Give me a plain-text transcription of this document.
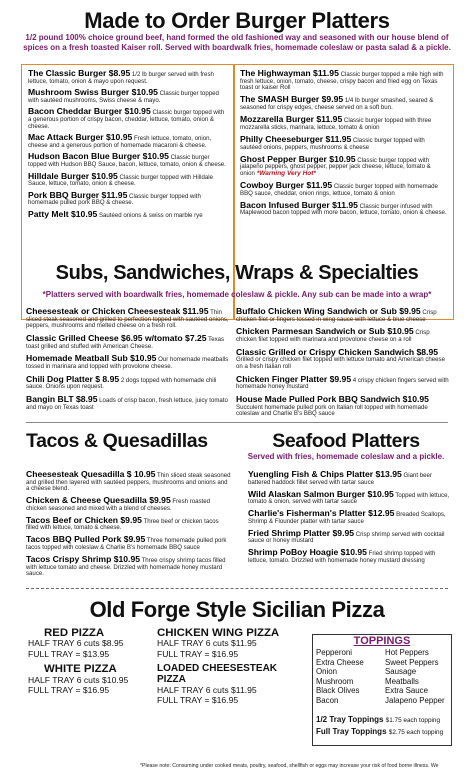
Made to Order Burger Platters
1/2 pound 100% choice ground beef, hand formed the old fashioned way and seasoned with our house blend of spices on a fresh toasted Kaiser roll. Served with boardwalk fries, homemade coleslaw or pasta salad & a pickle.
The Classic Burger $8.95 1/2 lb burger served with fresh lettuce, tomato, onion & mayo upon request.
Mushroom Swiss Burger $10.95 Classic burger topped with sautéed mushrooms, Swiss cheese & mayo.
Bacon Cheddar Burger $10.95 Classic burger topped with a generous portion of crispy bacon, cheddar, lettuce, tomato, onion & cheese.
Mac Attack Burger $10.95 Fresh lettuce, tomato, onion, cheese and a generous portion of homemade macaroni & cheese.
Hudson Bacon Blue Burger $10.95 Classic burger topped with Hudson BBQ Sauce, bacon, lettuce, tomato, onion & cheese.
Hilldale Burger $10.95 Classic burger topped with Hilldale Sauce, lettuce, tomato, onion & cheese.
Pork BBQ Burger $11.95 Classic burger topped with homemade pulled pork BBQ & cheese.
Patty Melt $10.95 Sautéed onions & swiss on marble rye
The Highwayman $11.95 Classic burger topped a mile high with fresh lettuce, onion, tomato, cheese, crispy bacon and fried egg on Texas toast or kaiser Roll
The SMASH Burger $9.95 1/4 lb burger smashed, seared & seasoned for crispy edges, cheese served on a soft bun.
Mozzarella Burger $11.95 Classic burger topped with three mozzarella sticks, marinara, lettuce, tomato & onion
Philly Cheeseburger $11.95 Classic burger topped with sautéed onions, peppers, mushrooms & cheese
Ghost Pepper Burger $10.95 Classic burger topped with jalapeño peppers, ghost pepper, pepper jack cheese, lettuce, tomato & onion *Warning Very Hot*
Cowboy Burger $11.95 Classic burger topped with homemade BBQ sauce, cheddar, onion rings, lettuce, tomato & onion
Bacon Infused Burger $11.95 Classic burger infused with Maplewood bacon topped with more bacon, lettuce, tomato, onion & cheese.
Subs, Sandwiches, Wraps & Specialties
*Platters served with boardwalk fries, homemade coleslaw & pickle. Any sub can be made into a wrap*
Cheesesteak or Chicken Cheesesteak $11.95 Thin sliced steak seasoned and grilled to perfection topped with sautéed onions, peppers, mushrooms and melted cheese on a fresh roll.
Classic Grilled Cheese $6.95 w/tomato $7.25 Texas toast grilled and stuffed with American Cheese.
Homemade Meatball Sub $10.95 Our homemade meatballs tossed in marinara and topped with provolone cheese.
Chili Dog Platter $ 8.95 2 dogs topped with homemade chili sauce. Onions upon request.
Bangin BLT $8.95 Loads of crisp bacon, fresh lettuce, juicy tomato and mayo on Texas toast
Buffalo Chicken Wing Sandwich or Sub $9.95 Crisp chicken filet or fingers tossed in wing sauce with lettuce & blue cheese
Chicken Parmesan Sandwich or Sub $10.95 Crisp chicken filet topped with marinara and provolone cheese on a roll
Classic Grilled or Crispy Chicken Sandwich $8.95 Grilled or crispy chicken filet topped with lettuce tomato and American cheese on a fresh Italian roll
Chicken Finger Platter $9.95 4 crispy chicken fingers served with homemade honey mustard
House Made Pulled Pork BBQ Sandwich $10.95 Succulent homemade pulled pork on Italian roll topped with homemade coleslaw and Charlie B's BBQ sauce
Tacos & Quesadillas
Cheesesteak Quesadilla $ 10.95 Thin sliced steak seasoned and grilled then layered with sautéed peppers, mushrooms and onions and a cheese blend.
Chicken & Cheese Quesadilla $9.95 Fresh roasted chicken seasoned and mixed with a blend of cheeses.
Tacos Beef or Chicken $9.95 Three beef or chicken tacos filled with lettuce, tomato & cheese.
Tacos BBQ Pulled Pork $9.95 Three homemade pulled pork tacos topped with coleslaw & Charlie B's homemade BBQ sauce
Tacos Crispy Shrimp $10.95 Three crispy shrimp tacos filled with lettuce tomato and cheese. Drizzled with homemade honey mustard sauce.
Seafood Platters
Served with fries, homemade coleslaw and a pickle.
Yuengling Fish & Chips Platter $13.95 Giant beer battered haddock fillet served with tartar sauce
Wild Alaskan Salmon Burger $10.95 Topped with lettuce, tomato & onion, served with tartar sauce
Charlie's Fisherman's Platter $12.95 Breaded Scallops, Shrimp & Flounder platter with tartar sauce
Fried Shrimp Platter $9.95 Crisp shrimp served with cocktail sauce or honey mustard
Shrimp PoBoy Hoagie $10.95 Fried shrimp topped with lettuce, tomato. Drizzled with homemade honey mustard dressing
Old Forge Style Sicilian Pizza
RED PIZZA
HALF TRAY 6 cuts $8.95
FULL TRAY = $13.95
WHITE PIZZA
HALF TRAY 6 cuts $10.95
FULL TRAY = $16.95
CHICKEN WING PIZZA
HALF TRAY 6 cuts $11.95
FULL TRAY = $16.95
LOADED CHEESESTEAK PIZZA
HALF TRAY 6 cuts $11.95
FULL TRAY = $16.95
TOPPINGS
Pepperoni
Extra Cheese
Onion
Mushroom
Black Olives
Bacon
Hot Peppers
Sweet Peppers
Sausage
Meatballs
Extra Sauce
Jalapeno Pepper
1/2 Tray Toppings $1.75 each topping
Full Tray Toppings $2.75 each topping
*Please note: Consuming under cooked meats, poultry, seafood, shellfish or eggs may increase your risk of food borne illness. We
